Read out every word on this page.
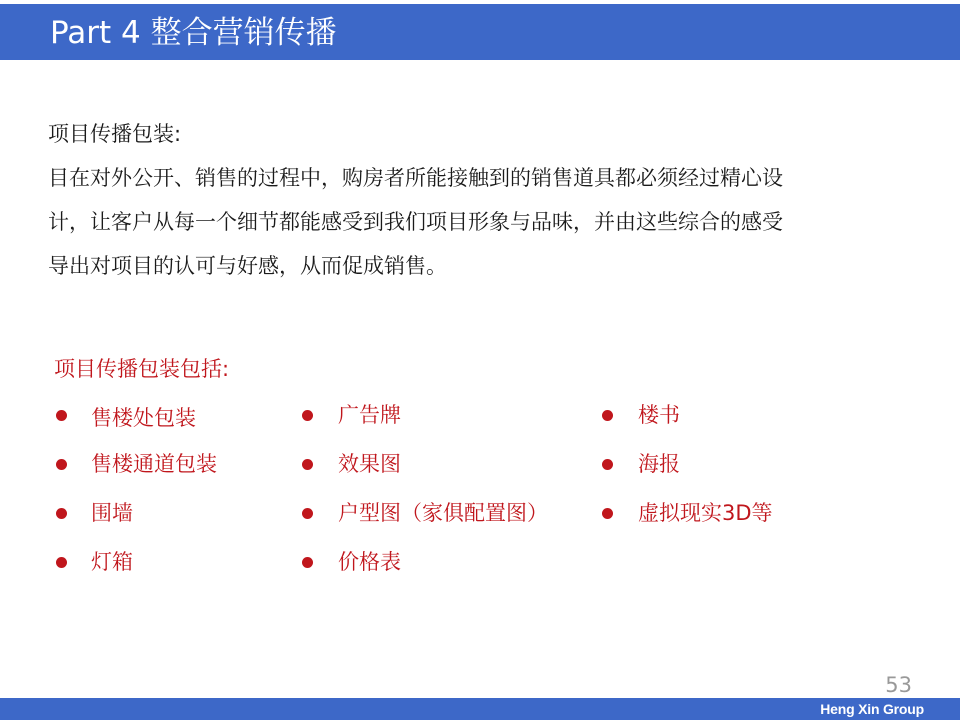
Part 4 整合营销传播
项目传播包装:
目在对外公开、销售的过程中，购房者所能接触到的销售道具都必须经过精心设
计，让客户从每一个细节都能感受到我们项目形象与品味，并由这些综合的感受
导出对项目的认可与好感，从而促成销售。
项目传播包装包括:
售楼处包装
售楼通道包装
围墙
灯箱
广告牌
效果图
户型图（家俱配置图）
价格表
楼书
海报
虚拟现实3D等
53
Heng Xin Group
